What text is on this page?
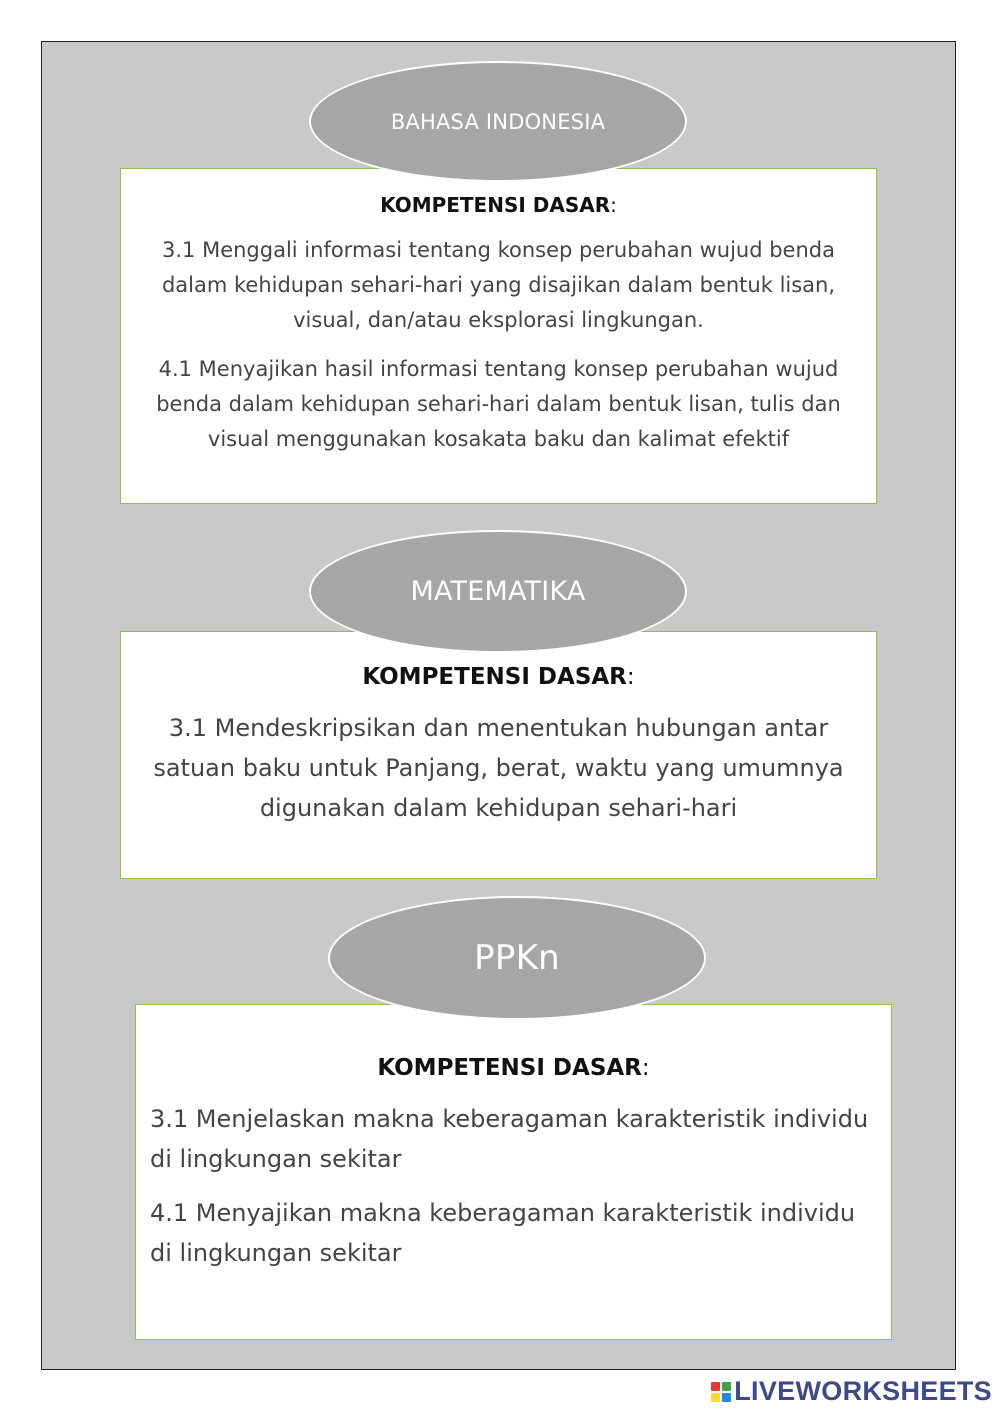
BAHASA INDONESIA
KOMPETENSI DASAR:

3.1 Menggali informasi tentang konsep perubahan wujud benda dalam kehidupan sehari-hari yang disajikan dalam bentuk lisan, visual, dan/atau eksplorasi lingkungan.

4.1 Menyajikan hasil informasi tentang konsep perubahan wujud benda dalam kehidupan sehari-hari dalam bentuk lisan, tulis dan visual menggunakan kosakata baku dan kalimat efektif

MATEMATIKA
KOMPETENSI DASAR:

3.1 Mendeskripsikan dan menentukan hubungan antar satuan baku untuk Panjang, berat, waktu yang umumnya digunakan dalam kehidupan sehari-hari

PPKn
KOMPETENSI DASAR:

3.1 Menjelaskan makna keberagaman karakteristik individu di lingkungan sekitar

4.1 Menyajikan makna keberagaman karakteristik individu di lingkungan sekitar

LIVEWORKSHEETS
